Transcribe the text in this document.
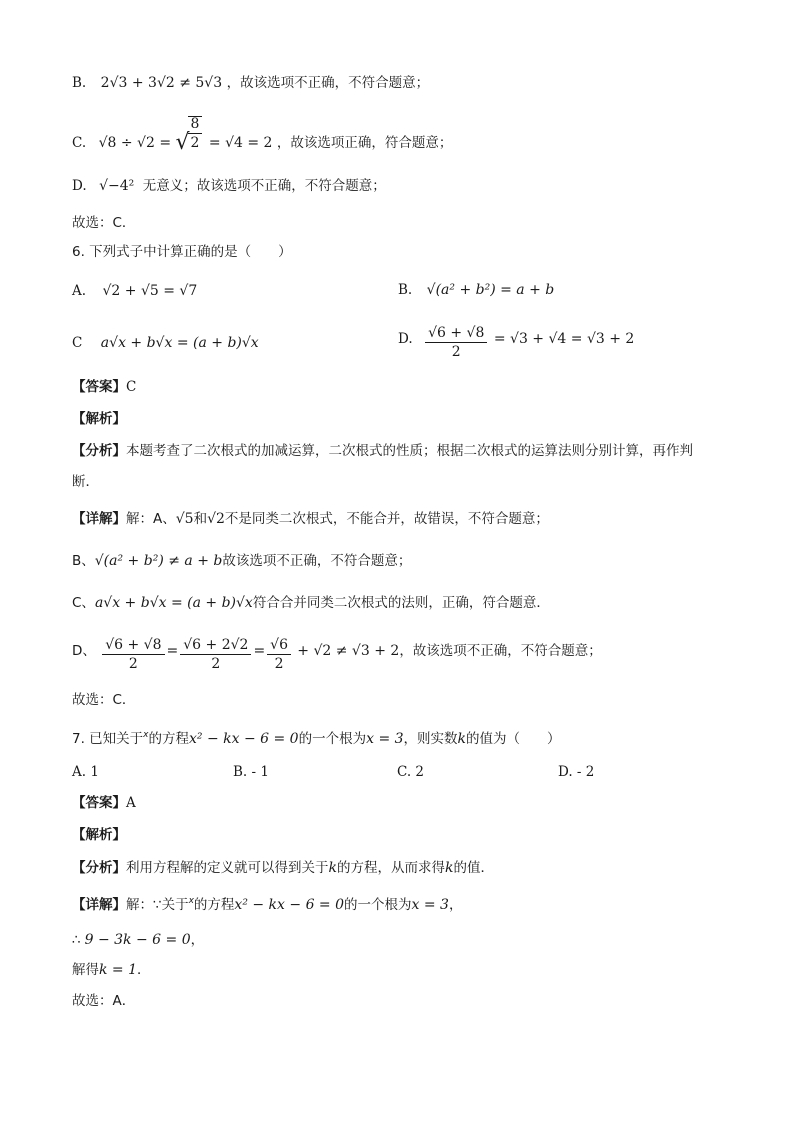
B. 2√3 + 3√2 ≠ 5√3 ，故该选项不正确，不符合题意；
C. √8 ÷ √2 = √
$\frac{8}{2} = √4 = 2$ ，故该选项正确，符合题意；
D. √−4² 无意义；故该选项不正确，不符合题意；
故选：C．
6. 下列式子中计算正确的是（　　）
A. √2 + √5 = √7	B. √(a² + b²) = a + b
C a√x + b√x = (a + b)√x	D. $\frac{√6 + √8}{2} = √3 + √4 = √3 + 2$
【答案】C
【解析】
【分析】本题考查了二次根式的加减运算，二次根式的性质；根据二次根式的运算法则分别计算，再作判
断．
【详解】解：A、√5和√2不是同类二次根式，不能合并，故错误，不符合题意；
B、√(a² + b²) ≠ a + b故该选项不正确，不符合题意；
C、a√x + b√x = (a + b)√x符合合并同类二次根式的法则，正确，符合题意．
D、 $\frac{√6 + √8}{2} = \frac{√6 + 2√2}{2} = \frac{√6}{2} + √2 \ne √3 + 2$，故该选项不正确，不符合题意；
故选：C．
7. 已知关于$^x$的方程x² − kx − 6 = 0的一个根为x = 3，则实数k的值为（　　）
A. 1	B. - 1	C. 2	D. - 2
【答案】A
【解析】
【分析】利用方程解的定义就可以得到关于k的方程，从而求得k的值．
【详解】解：∵关于$^x$的方程x² − kx − 6 = 0的一个根为x = 3，
∴ 9 − 3k − 6 = 0，
解得k = 1．
故选：A．
